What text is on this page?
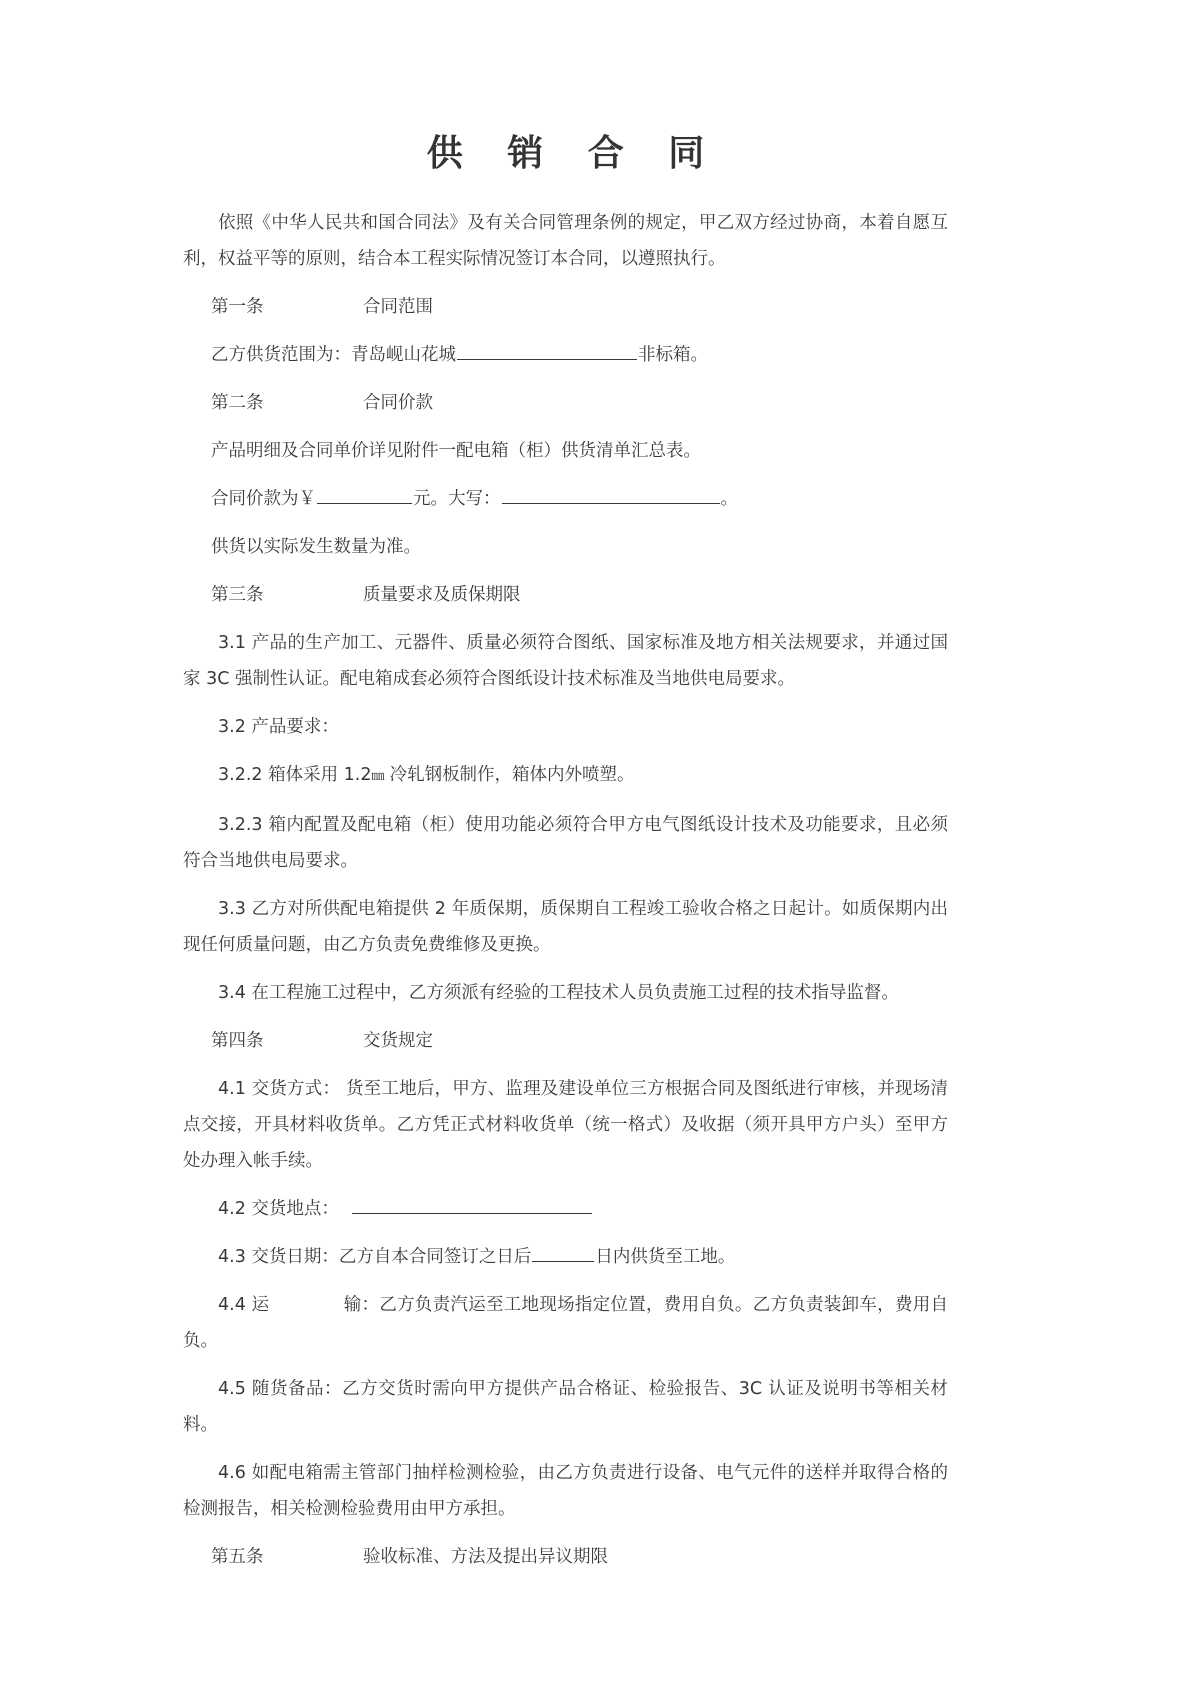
供 销 合 同

依照《中华人民共和国合同法》及有关合同管理条例的规定，甲乙双方经过协商，本着自愿互利，权益平等的原则，结合本工程实际情况签订本合同，以遵照执行。

第一条	合同范围

乙方供货范围为：青岛岘山花城	非标箱。

第二条	合同价款

产品明细及合同单价详见附件一配电箱（柜）供货清单汇总表。

合同价款为￥	元。大写：	。

供货以实际发生数量为准。

第三条	质量要求及质保期限

3.1 产品的生产加工、元器件、质量必须符合图纸、国家标准及地方相关法规要求，并通过国家 3C 强制性认证。配电箱成套必须符合图纸设计技术标准及当地供电局要求。

3.2 产品要求：

3.2.2 箱体采用 1.2㎜ 冷轧钢板制作，箱体内外喷塑。

3.2.3 箱内配置及配电箱（柜）使用功能必须符合甲方电气图纸设计技术及功能要求，且必须符合当地供电局要求。

3.3 乙方对所供配电箱提供 2 年质保期，质保期自工程竣工验收合格之日起计。如质保期内出现任何质量问题，由乙方负责免费维修及更换。

3.4 在工程施工过程中，乙方须派有经验的工程技术人员负责施工过程的技术指导监督。

第四条	交货规定

4.1 交货方式： 货至工地后，甲方、监理及建设单位三方根据合同及图纸进行审核，并现场清点交接，开具材料收货单。乙方凭正式材料收货单（统一格式）及收据（须开具甲方户头）至甲方处办理入帐手续。

4.2 交货地点：

4.3 交货日期：乙方自本合同签订之日后	日内供货至工地。

4.4 运	输：乙方负责汽运至工地现场指定位置，费用自负。乙方负责装卸车，费用自负。

4.5 随货备品：乙方交货时需向甲方提供产品合格证、检验报告、3C 认证及说明书等相关材料。

4.6 如配电箱需主管部门抽样检测检验，由乙方负责进行设备、电气元件的送样并取得合格的检测报告，相关检测检验费用由甲方承担。

第五条	验收标准、方法及提出异议期限
